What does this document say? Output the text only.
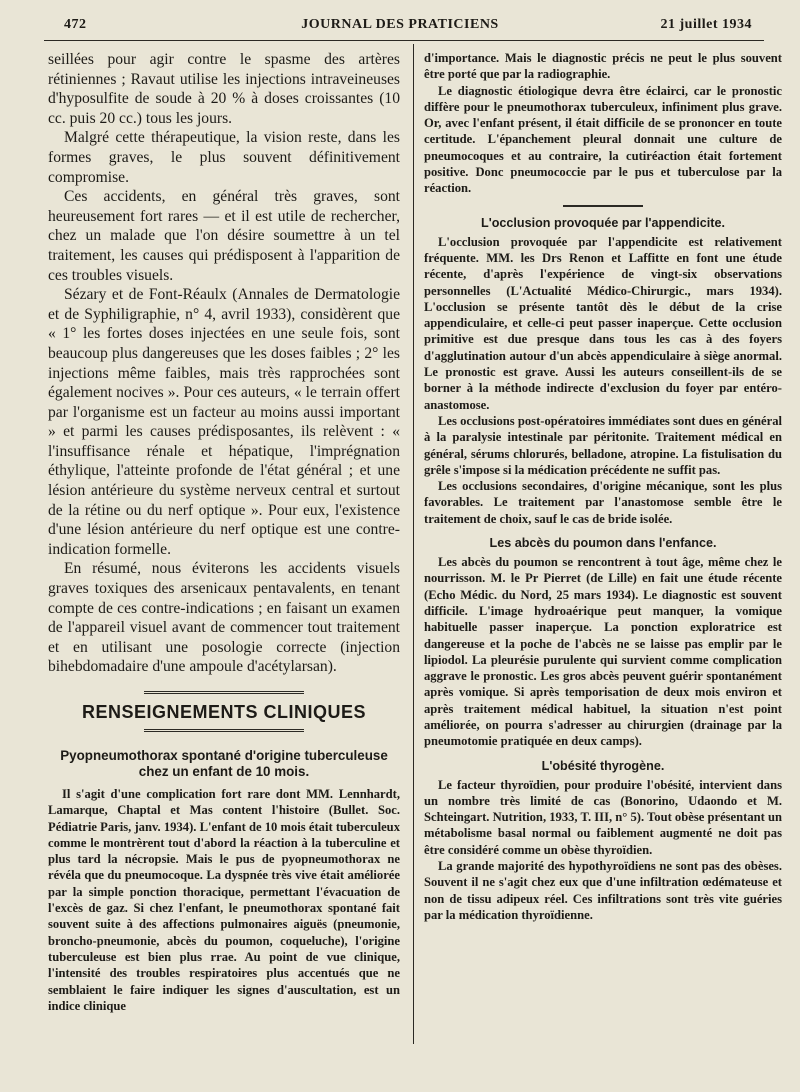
472	JOURNAL DES PRATICIENS	21 juillet 1934

seillées pour agir contre le spasme des artères rétiniennes ; Ravaut utilise les injections intraveineuses d'hyposulfite de soude à 20 % à doses croissantes (10 cc. puis 20 cc.) tous les jours.

Malgré cette thérapeutique, la vision reste, dans les formes graves, le plus souvent définitivement compromise.

Ces accidents, en général très graves, sont heureusement fort rares — et il est utile de rechercher, chez un malade que l'on désire soumettre à un tel traitement, les causes qui prédisposent à l'apparition de ces troubles visuels.

Sézary et de Font-Réaulx (Annales de Dermatologie et de Syphiligraphie, n° 4, avril 1933), considèrent que « 1° les fortes doses injectées en une seule fois, sont beaucoup plus dangereuses que les doses faibles ; 2° les injections même faibles, mais très rapprochées sont également nocives ». Pour ces auteurs, « le terrain offert par l'organisme est un facteur au moins aussi important » et parmi les causes prédisposantes, ils relèvent : « l'insuffisance rénale et hépatique, l'imprégnation éthylique, l'atteinte profonde de l'état général ; et une lésion antérieure du système nerveux central et surtout de la rétine ou du nerf optique ». Pour eux, l'existence d'une lésion antérieure du nerf optique est une contre-indication formelle.

En résumé, nous éviterons les accidents visuels graves toxiques des arsenicaux pentavalents, en tenant compte de ces contre-indications ; en faisant un examen de l'appareil visuel avant de commencer tout traitement et en utilisant une posologie correcte (injection bihebdomadaire d'une ampoule d'acétylarsan).

RENSEIGNEMENTS CLINIQUES
Pyopneumothorax spontané d'origine tuberculeuse chez un enfant de 10 mois.

Il s'agit d'une complication fort rare dont MM. Lennhardt, Lamarque, Chaptal et Mas content l'histoire (Bullet. Soc. Pédiatrie Paris, janv. 1934). L'enfant de 10 mois était tuberculeux comme le montrèrent tout d'abord la réaction à la tuberculine et plus tard la nécropsie. Mais le pus de pyopneumothorax ne révéla que du pneumocoque. La dyspnée très vive était améliorée par la simple ponction thoracique, permettant l'évacuation de l'excès de gaz. Si chez l'enfant, le pneumothorax spontané fait souvent suite à des affections pulmonaires aiguës (pneumonie, broncho-pneumonie, abcès du poumon, coqueluche), l'origine tuberculeuse est bien plus rrae. Au point de vue clinique, l'intensité des troubles respiratoires plus accentués que ne semblaient le faire indiquer les signes d'auscultation, est un indice clinique

d'importance. Mais le diagnostic précis ne peut le plus souvent être porté que par la radiographie.

Le diagnostic étiologique devra être éclairci, car le pronostic diffère pour le pneumothorax tuberculeux, infiniment plus grave. Or, avec l'enfant présent, il était difficile de se prononcer en toute certitude. L'épanchement pleural donnait une culture de pneumocoques et au contraire, la cutiréaction était fortement positive. Donc pneumococcie par le pus et tuberculose par la réaction.

L'occlusion provoquée par l'appendicite.

L'occlusion provoquée par l'appendicite est relativement fréquente. MM. les Drs Renon et Laffitte en font une étude récente, d'après l'expérience de vingt-six observations personnelles (L'Actualité Médico-Chirurgic., mars 1934). L'occlusion se présente tantôt dès le début de la crise appendiculaire, et celle-ci peut passer inaperçue. Cette occlusion primitive est due presque dans tous les cas à des foyers d'agglutination autour d'un abcès appendiculaire à siège anormal. Le pronostic est grave. Aussi les auteurs conseillent-ils de se borner à la méthode indirecte d'exclusion du foyer par entéro-anastomose.

Les occlusions post-opératoires immédiates sont dues en général à la paralysie intestinale par péritonite. Traitement médical en général, sérums chlorurés, belladone, atropine. La fistulisation du grêle s'impose si la médication précédente ne suffit pas.

Les occlusions secondaires, d'origine mécanique, sont les plus favorables. Le traitement par l'anastomose semble être le traitement de choix, sauf le cas de bride isolée.

Les abcès du poumon dans l'enfance.

Les abcès du poumon se rencontrent à tout âge, même chez le nourrisson. M. le Pr Pierret (de Lille) en fait une étude récente (Echo Médic. du Nord, 25 mars 1934). Le diagnostic est souvent difficile. L'image hydroaérique peut manquer, la vomique habituelle passer inaperçue. La ponction exploratrice est dangereuse et la poche de l'abcès ne se laisse pas emplir par le lipiodol. La pleurésie purulente qui survient comme complication aggrave le pronostic. Les gros abcès peuvent guérir spontanément après vomique. Si après temporisation de deux mois environ et après traitement médical habituel, la situation n'est point améliorée, on pourra s'adresser au chirurgien (drainage par la pneumotomie pratiquée en deux camps).

L'obésité thyrogène.

Le facteur thyroïdien, pour produire l'obésité, intervient dans un nombre très limité de cas (Bonorino, Udaondo et M. Schteingart. Nutrition, 1933, T. III, n° 5). Tout obèse présentant un métabolisme basal normal ou faiblement augmenté ne doit pas être considéré comme un obèse thyroïdien.

La grande majorité des hypothyroïdiens ne sont pas des obèses. Souvent il ne s'agit chez eux que d'une infiltration œdémateuse et non de tissu adipeux réel. Ces infiltrations sont très vite guéries par la médication thyroïdienne.
